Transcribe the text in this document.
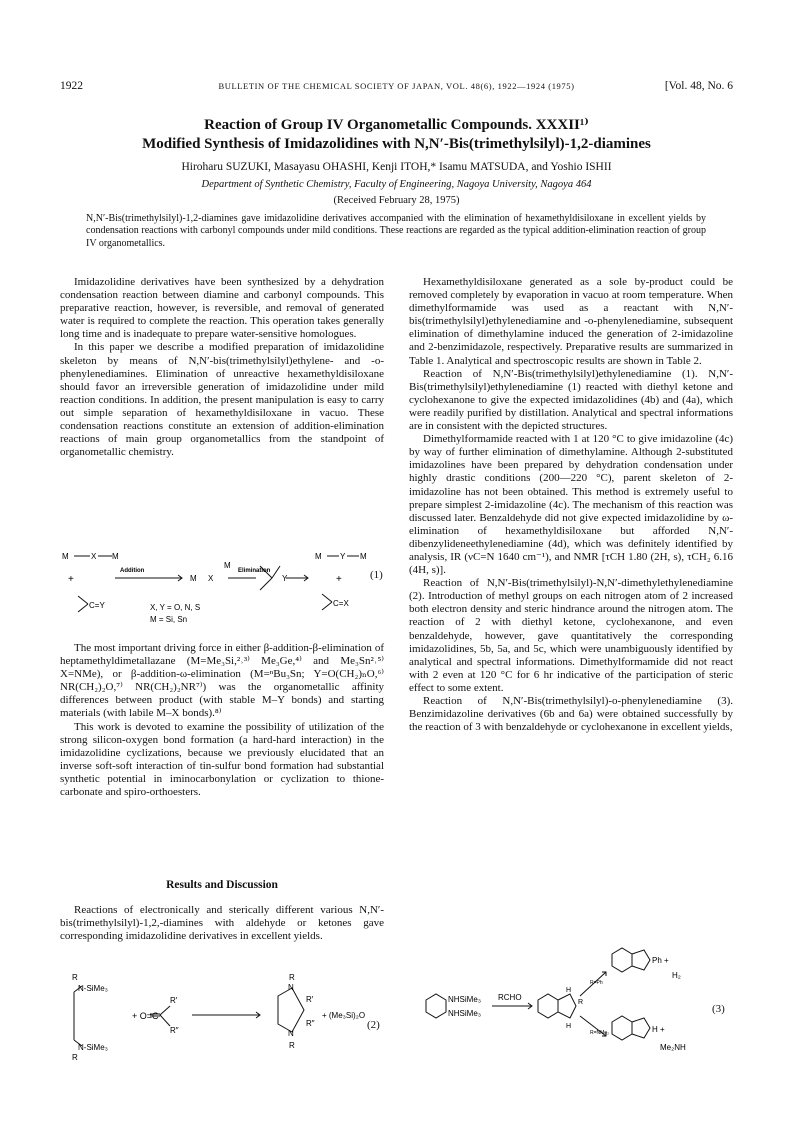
1922	BULLETIN OF THE CHEMICAL SOCIETY OF JAPAN, VOL. 48(6), 1922—1924 (1975)	[Vol. 48, No. 6
Reaction of Group IV Organometallic Compounds. XXXII¹⁾
Modified Synthesis of Imidazolidines with N,N′-Bis(trimethylsilyl)-1,2-diamines
Hiroharu SUZUKI, Masayasu OHASHI, Kenji ITOH,* Isamu MATSUDA, and Yoshio ISHII
Department of Synthetic Chemistry, Faculty of Engineering, Nagoya University, Nagoya 464
(Received February 28, 1975)
N,N′-Bis(trimethylsilyl)-1,2-diamines gave imidazolidine derivatives accompanied with the elimination of hexamethyldisiloxane in excellent yields by condensation reactions with carbonyl compounds under mild conditions. These reactions are regarded as the typical addition-elimination reaction of group IV organometallics.

Imidazolidine derivatives have been synthesized by a dehydration condensation reaction between diamine and carbonyl compounds. This preparative reaction, however, is reversible, and removal of generated water is required to complete the reaction. This operation takes generally long time and is inadequate to prepare water-sensitive homologues.

In this paper we describe a modified preparation of imidazolidine skeleton by means of N,N′-bis(trimethylsilyl)ethylene- and -o-phenylenediamines. Elimination of unreactive hexamethyldisiloxane should favor an irreversible generation of imidazolidine under mild reaction conditions. In addition, the present manipulation is easy to carry out simple separation of hexamethyldisiloxane in vacuo. These condensation reactions constitute an extension of addition-elimination reactions of main group organometallics from the standpoint of organometallic chemistry.

M	X M
+
C=Y
Addition
M X
M
Y
Elimination
M Y M
+
C=X
X, Y = O, N, S
M = Si, Sn
(1)

The most important driving force in either β-addition-β-elimination of heptamethyldimetallazane (M=Me₃Si,²˒³⁾ Me₃Ge,⁴⁾ and Me₃Sn²˒⁵⁾ X=NMe), or β-addition-ω-elimination (M=ⁿBu₃Sn; Y=O(CH₂)ₙO,⁶⁾ NR(CH₂)₂O,⁷⁾ NR(CH₂)₂NR⁷⁾) was the organometallic affinity differences between product (with stable M–Y bonds) and starting materials (with labile M–X bonds).⁸⁾

This work is devoted to examine the possibility of utilization of the strong silicon-oxygen bond formation (a hard-hard interaction) in the imidazolidine cyclizations, because we previously elucidated that an inverse soft-soft interaction of tin-sulfur bond formation had substantial synthetic potential in iminocarbonylation or cyclization to thione-carbonate and spiro-orthoesters.

Results and Discussion

Reactions of electronically and sterically different various N,N′-bis(trimethylsilyl)-1,2,-diamines with aldehyde or ketones gave corresponding imidazolidine derivatives in excellent yields.

R
N-SiMe₃
N-SiMe₃
R
+ O=C
R′
R″
R
N
N
R
R′
R″
+ (Me₃Si)₂O
(2)

Hexamethyldisiloxane generated as a sole by-product could be removed completely by evaporation in vacuo at room temperature. When dimethylformamide was used as a reactant with N,N′-bis(trimethylsilyl)ethylenediamine and -o-phenylenediamine, subsequent elimination of dimethylamine induced the generation of 2-imidazoline and 2-benzimidazole, respectively. Preparative results are summarized in Table 1. Analytical and spectroscopic results are shown in Table 2.

Reaction of N,N′-Bis(trimethylsilyl)ethylenediamine (1). N,N′-Bis(trimethylsilyl)ethylenediamine (1) reacted with diethyl ketone and cyclohexanone to give the expected imidazolidines (4b) and (4a), which were readily purified by distillation. Analytical and spectral informations are in consistent with the depicted structures.

Dimethylformamide reacted with 1 at 120 °C to give imidazoline (4c) by way of further elimination of dimethylamine. Although 2-substituted imidazolines have been prepared by dehydration condensation under highly drastic conditions (200—220 °C), parent skeleton of 2-imidazoline has not been obtained. This method is extremely useful to prepare simplest 2-imidazoline (4c). The mechanism of this reaction was discussed later. Benzaldehyde did not give expected imidazolidine by ω-elimination of hexamethyldisiloxane but afforded N,N′-dibenzylideneethylenediamine (4d), which was definitely identified by analysis, IR (νC=N 1640 cm⁻¹), and NMR [τCH 1.80 (2H, s), τCH₂ 6.16 (4H, s)].

Reaction of N,N′-Bis(trimethylsilyl)-N,N′-dimethylethylenediamine (2). Introduction of methyl groups on each nitrogen atom of 2 increased both electron density and steric hindrance around the nitrogen atom. The reaction of 2 with diethyl ketone, cyclohexanone, and even benzaldehyde, however, gave quantitatively the corresponding imidazolidines, 5b, 5a, and 5c, which were unambiguously identified by analytical and spectral informations. Dimethylformamide did not react with 2 even at 120 °C for 6 hr indicative of the participation of steric effect to some extent.

Reaction of N,N′-Bis(trimethylsilyl)-o-phenylenediamine (3). Benzimidazoline derivatives (6b and 6a) were obtained successfully by the reaction of 3 with benzaldehyde or cyclohexanone in excellent yields,

NHSiMe₃
NHSiMe₃
RCHO
H
R
H
R=Ph
R=NMe₂
Ph +
H₂
H +
Me₂NH
(3)
